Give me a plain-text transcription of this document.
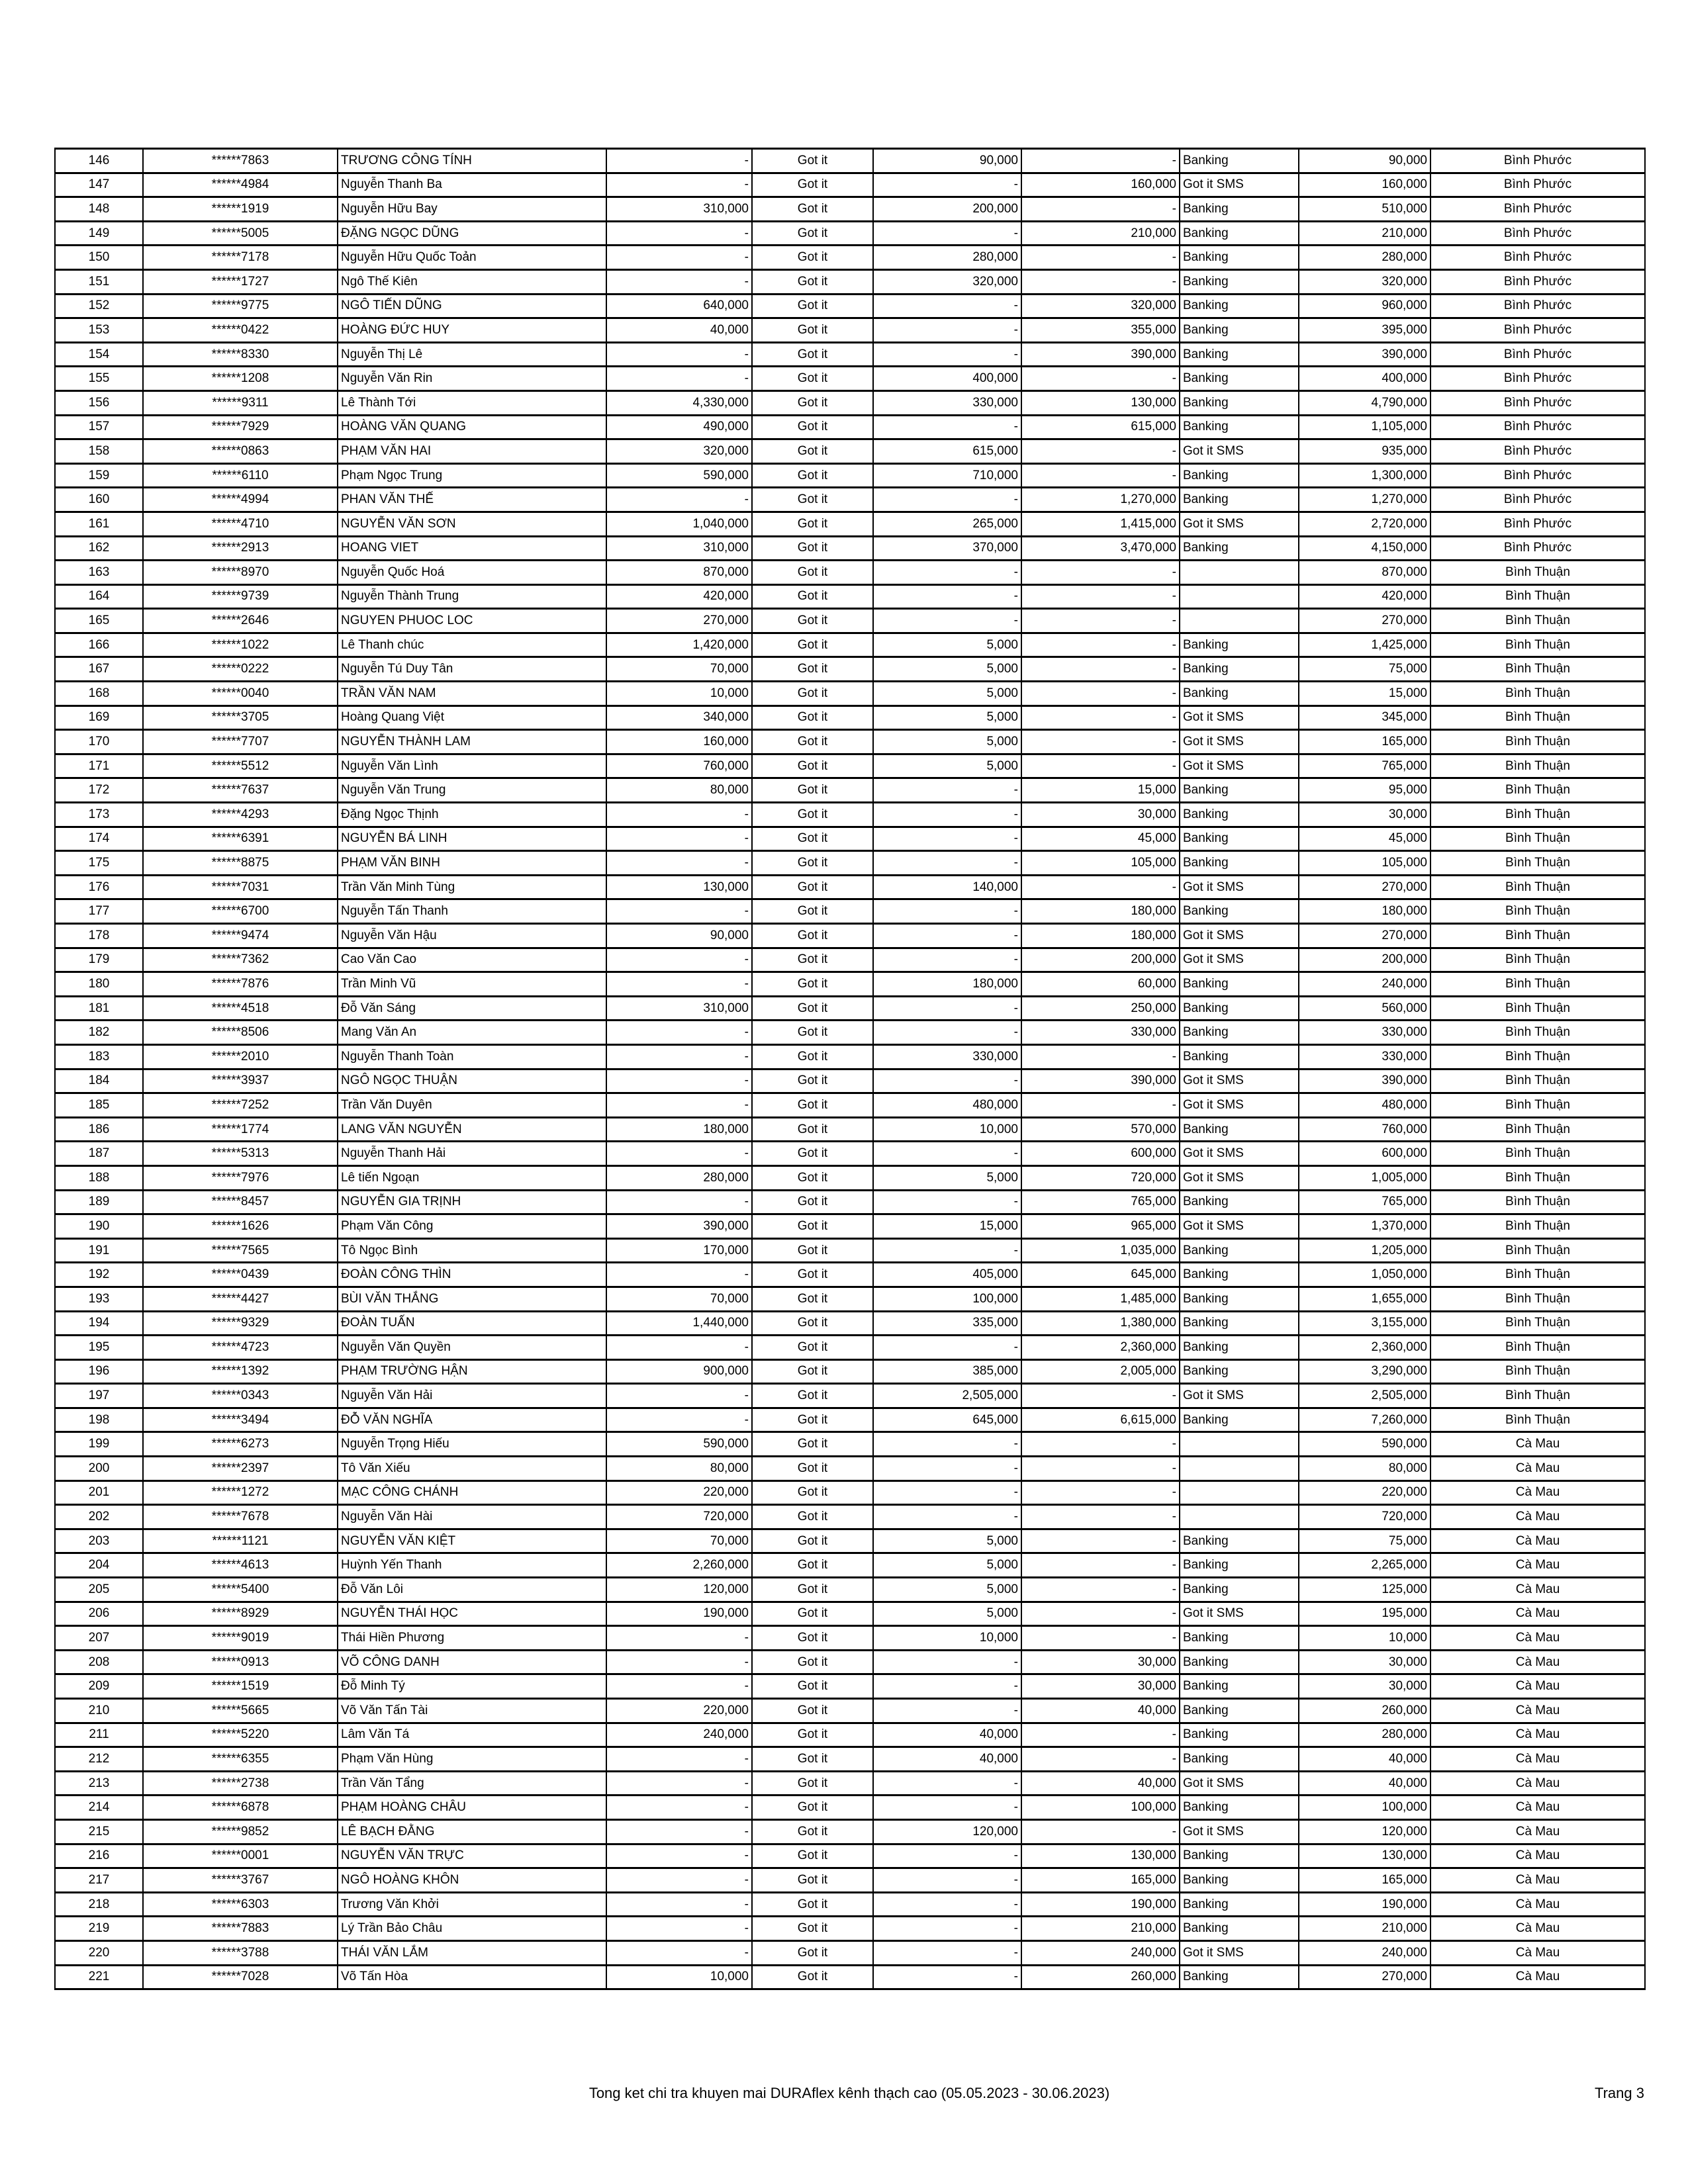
146	******7863	TRƯƠNG CÔNG TÍNH	-	Got it	90,000	-	Banking	90,000	Bình Phước
147	******4984	Nguyễn Thanh Ba	-	Got it	-	160,000	Got it SMS	160,000	Bình Phước
148	******1919	Nguyễn Hữu Bay	310,000	Got it	200,000	-	Banking	510,000	Bình Phước
149	******5005	ĐẶNG NGỌC DŨNG	-	Got it	-	210,000	Banking	210,000	Bình Phước
150	******7178	Nguyễn Hữu Quốc Toản	-	Got it	280,000	-	Banking	280,000	Bình Phước
151	******1727	Ngô Thế Kiên	-	Got it	320,000	-	Banking	320,000	Bình Phước
152	******9775	NGÔ TIẾN DŨNG	640,000	Got it	-	320,000	Banking	960,000	Bình Phước
153	******0422	HOÀNG ĐỨC HUY	40,000	Got it	-	355,000	Banking	395,000	Bình Phước
154	******8330	Nguyễn Thị Lê	-	Got it	-	390,000	Banking	390,000	Bình Phước
155	******1208	Nguyễn Văn Rin	-	Got it	400,000	-	Banking	400,000	Bình Phước
156	******9311	Lê Thành Tới	4,330,000	Got it	330,000	130,000	Banking	4,790,000	Bình Phước
157	******7929	HOÀNG VĂN QUANG	490,000	Got it	-	615,000	Banking	1,105,000	Bình Phước
158	******0863	PHẠM VĂN HAI	320,000	Got it	615,000	-	Got it SMS	935,000	Bình Phước
159	******6110	Phạm Ngọc Trung	590,000	Got it	710,000	-	Banking	1,300,000	Bình Phước
160	******4994	PHAN VĂN THẾ	-	Got it	-	1,270,000	Banking	1,270,000	Bình Phước
161	******4710	NGUYỄN VĂN SƠN	1,040,000	Got it	265,000	1,415,000	Got it SMS	2,720,000	Bình Phước
162	******2913	HOANG VIET	310,000	Got it	370,000	3,470,000	Banking	4,150,000	Bình Phước
163	******8970	Nguyễn Quốc Hoá	870,000	Got it	-	-		870,000	Bình Thuận
164	******9739	Nguyễn Thành Trung	420,000	Got it	-	-		420,000	Bình Thuận
165	******2646	NGUYEN PHUOC LOC	270,000	Got it	-	-		270,000	Bình Thuận
166	******1022	Lê Thanh chúc	1,420,000	Got it	5,000	-	Banking	1,425,000	Bình Thuận
167	******0222	Nguyễn Tú Duy Tân	70,000	Got it	5,000	-	Banking	75,000	Bình Thuận
168	******0040	TRẦN VĂN NAM	10,000	Got it	5,000	-	Banking	15,000	Bình Thuận
169	******3705	Hoàng Quang Việt	340,000	Got it	5,000	-	Got it SMS	345,000	Bình Thuận
170	******7707	NGUYỄN THÀNH LAM	160,000	Got it	5,000	-	Got it SMS	165,000	Bình Thuận
171	******5512	Nguyễn Văn Lình	760,000	Got it	5,000	-	Got it SMS	765,000	Bình Thuận
172	******7637	Nguyễn Văn Trung	80,000	Got it	-	15,000	Banking	95,000	Bình Thuận
173	******4293	Đặng Ngọc Thịnh	-	Got it	-	30,000	Banking	30,000	Bình Thuận
174	******6391	NGUYỄN BÁ LINH	-	Got it	-	45,000	Banking	45,000	Bình Thuận
175	******8875	PHẠM VĂN BINH	-	Got it	-	105,000	Banking	105,000	Bình Thuận
176	******7031	Trần Văn Minh Tùng	130,000	Got it	140,000	-	Got it SMS	270,000	Bình Thuận
177	******6700	Nguyễn Tấn Thanh	-	Got it	-	180,000	Banking	180,000	Bình Thuận
178	******9474	Nguyễn Văn Hậu	90,000	Got it	-	180,000	Got it SMS	270,000	Bình Thuận
179	******7362	Cao Văn Cao	-	Got it	-	200,000	Got it SMS	200,000	Bình Thuận
180	******7876	Trần Minh Vũ	-	Got it	180,000	60,000	Banking	240,000	Bình Thuận
181	******4518	Đỗ Văn Sáng	310,000	Got it	-	250,000	Banking	560,000	Bình Thuận
182	******8506	Mang Văn An	-	Got it	-	330,000	Banking	330,000	Bình Thuận
183	******2010	Nguyễn Thanh Toàn	-	Got it	330,000	-	Banking	330,000	Bình Thuận
184	******3937	NGÔ NGỌC THUẬN	-	Got it	-	390,000	Got it SMS	390,000	Bình Thuận
185	******7252	Trần Văn Duyên	-	Got it	480,000	-	Got it SMS	480,000	Bình Thuận
186	******1774	LANG VĂN NGUYỄN	180,000	Got it	10,000	570,000	Banking	760,000	Bình Thuận
187	******5313	Nguyễn Thanh Hải	-	Got it	-	600,000	Got it SMS	600,000	Bình Thuận
188	******7976	Lê tiến Ngoạn	280,000	Got it	5,000	720,000	Got it SMS	1,005,000	Bình Thuận
189	******8457	NGUYỄN GIA TRỊNH	-	Got it	-	765,000	Banking	765,000	Bình Thuận
190	******1626	Phạm Văn Công	390,000	Got it	15,000	965,000	Got it SMS	1,370,000	Bình Thuận
191	******7565	Tô Ngọc Bình	170,000	Got it	-	1,035,000	Banking	1,205,000	Bình Thuận
192	******0439	ĐOÀN CÔNG THÌN	-	Got it	405,000	645,000	Banking	1,050,000	Bình Thuận
193	******4427	BÙI VĂN THẮNG	70,000	Got it	100,000	1,485,000	Banking	1,655,000	Bình Thuận
194	******9329	ĐOÀN TUẤN	1,440,000	Got it	335,000	1,380,000	Banking	3,155,000	Bình Thuận
195	******4723	Nguyễn Văn Quyền	-	Got it	-	2,360,000	Banking	2,360,000	Bình Thuận
196	******1392	PHẠM TRƯỜNG HẬN	900,000	Got it	385,000	2,005,000	Banking	3,290,000	Bình Thuận
197	******0343	Nguyễn Văn Hải	-	Got it	2,505,000	-	Got it SMS	2,505,000	Bình Thuận
198	******3494	ĐỖ VĂN NGHĨA	-	Got it	645,000	6,615,000	Banking	7,260,000	Bình Thuận
199	******6273	Nguyễn Trọng Hiếu	590,000	Got it	-	-		590,000	Cà Mau
200	******2397	Tô Văn Xiếu	80,000	Got it	-	-		80,000	Cà Mau
201	******1272	MẠC CÔNG CHÁNH	220,000	Got it	-	-		220,000	Cà Mau
202	******7678	Nguyễn Văn Hài	720,000	Got it	-	-		720,000	Cà Mau
203	******1121	NGUYỄN VĂN KIỆT	70,000	Got it	5,000	-	Banking	75,000	Cà Mau
204	******4613	Huỳnh Yến Thanh	2,260,000	Got it	5,000	-	Banking	2,265,000	Cà Mau
205	******5400	Đỗ Văn Lôi	120,000	Got it	5,000	-	Banking	125,000	Cà Mau
206	******8929	NGUYỄN THÁI HỌC	190,000	Got it	5,000	-	Got it SMS	195,000	Cà Mau
207	******9019	Thái Hiền Phương	-	Got it	10,000	-	Banking	10,000	Cà Mau
208	******0913	VÕ CÔNG DANH	-	Got it	-	30,000	Banking	30,000	Cà Mau
209	******1519	Đỗ Minh Tý	-	Got it	-	30,000	Banking	30,000	Cà Mau
210	******5665	Võ Văn Tấn Tài	220,000	Got it	-	40,000	Banking	260,000	Cà Mau
211	******5220	Lâm Văn Tá	240,000	Got it	40,000	-	Banking	280,000	Cà Mau
212	******6355	Phạm Văn Hùng	-	Got it	40,000	-	Banking	40,000	Cà Mau
213	******2738	Trần Văn Tẩng	-	Got it	-	40,000	Got it SMS	40,000	Cà Mau
214	******6878	PHẠM HOÀNG CHÂU	-	Got it	-	100,000	Banking	100,000	Cà Mau
215	******9852	LÊ BẠCH ĐẰNG	-	Got it	120,000	-	Got it SMS	120,000	Cà Mau
216	******0001	NGUYỄN VĂN TRỰC	-	Got it	-	130,000	Banking	130,000	Cà Mau
217	******3767	NGÔ HOÀNG KHÔN	-	Got it	-	165,000	Banking	165,000	Cà Mau
218	******6303	Trương Văn Khởi	-	Got it	-	190,000	Banking	190,000	Cà Mau
219	******7883	Lý Trần Bảo Châu	-	Got it	-	210,000	Banking	210,000	Cà Mau
220	******3788	THÁI VĂN LẮM	-	Got it	-	240,000	Got it SMS	240,000	Cà Mau
221	******7028	Võ Tấn Hòa	10,000	Got it	-	260,000	Banking	270,000	Cà Mau
Tong ket chi tra khuyen mai DURAflex kênh thạch cao (05.05.2023 - 30.06.2023)	Trang 3
